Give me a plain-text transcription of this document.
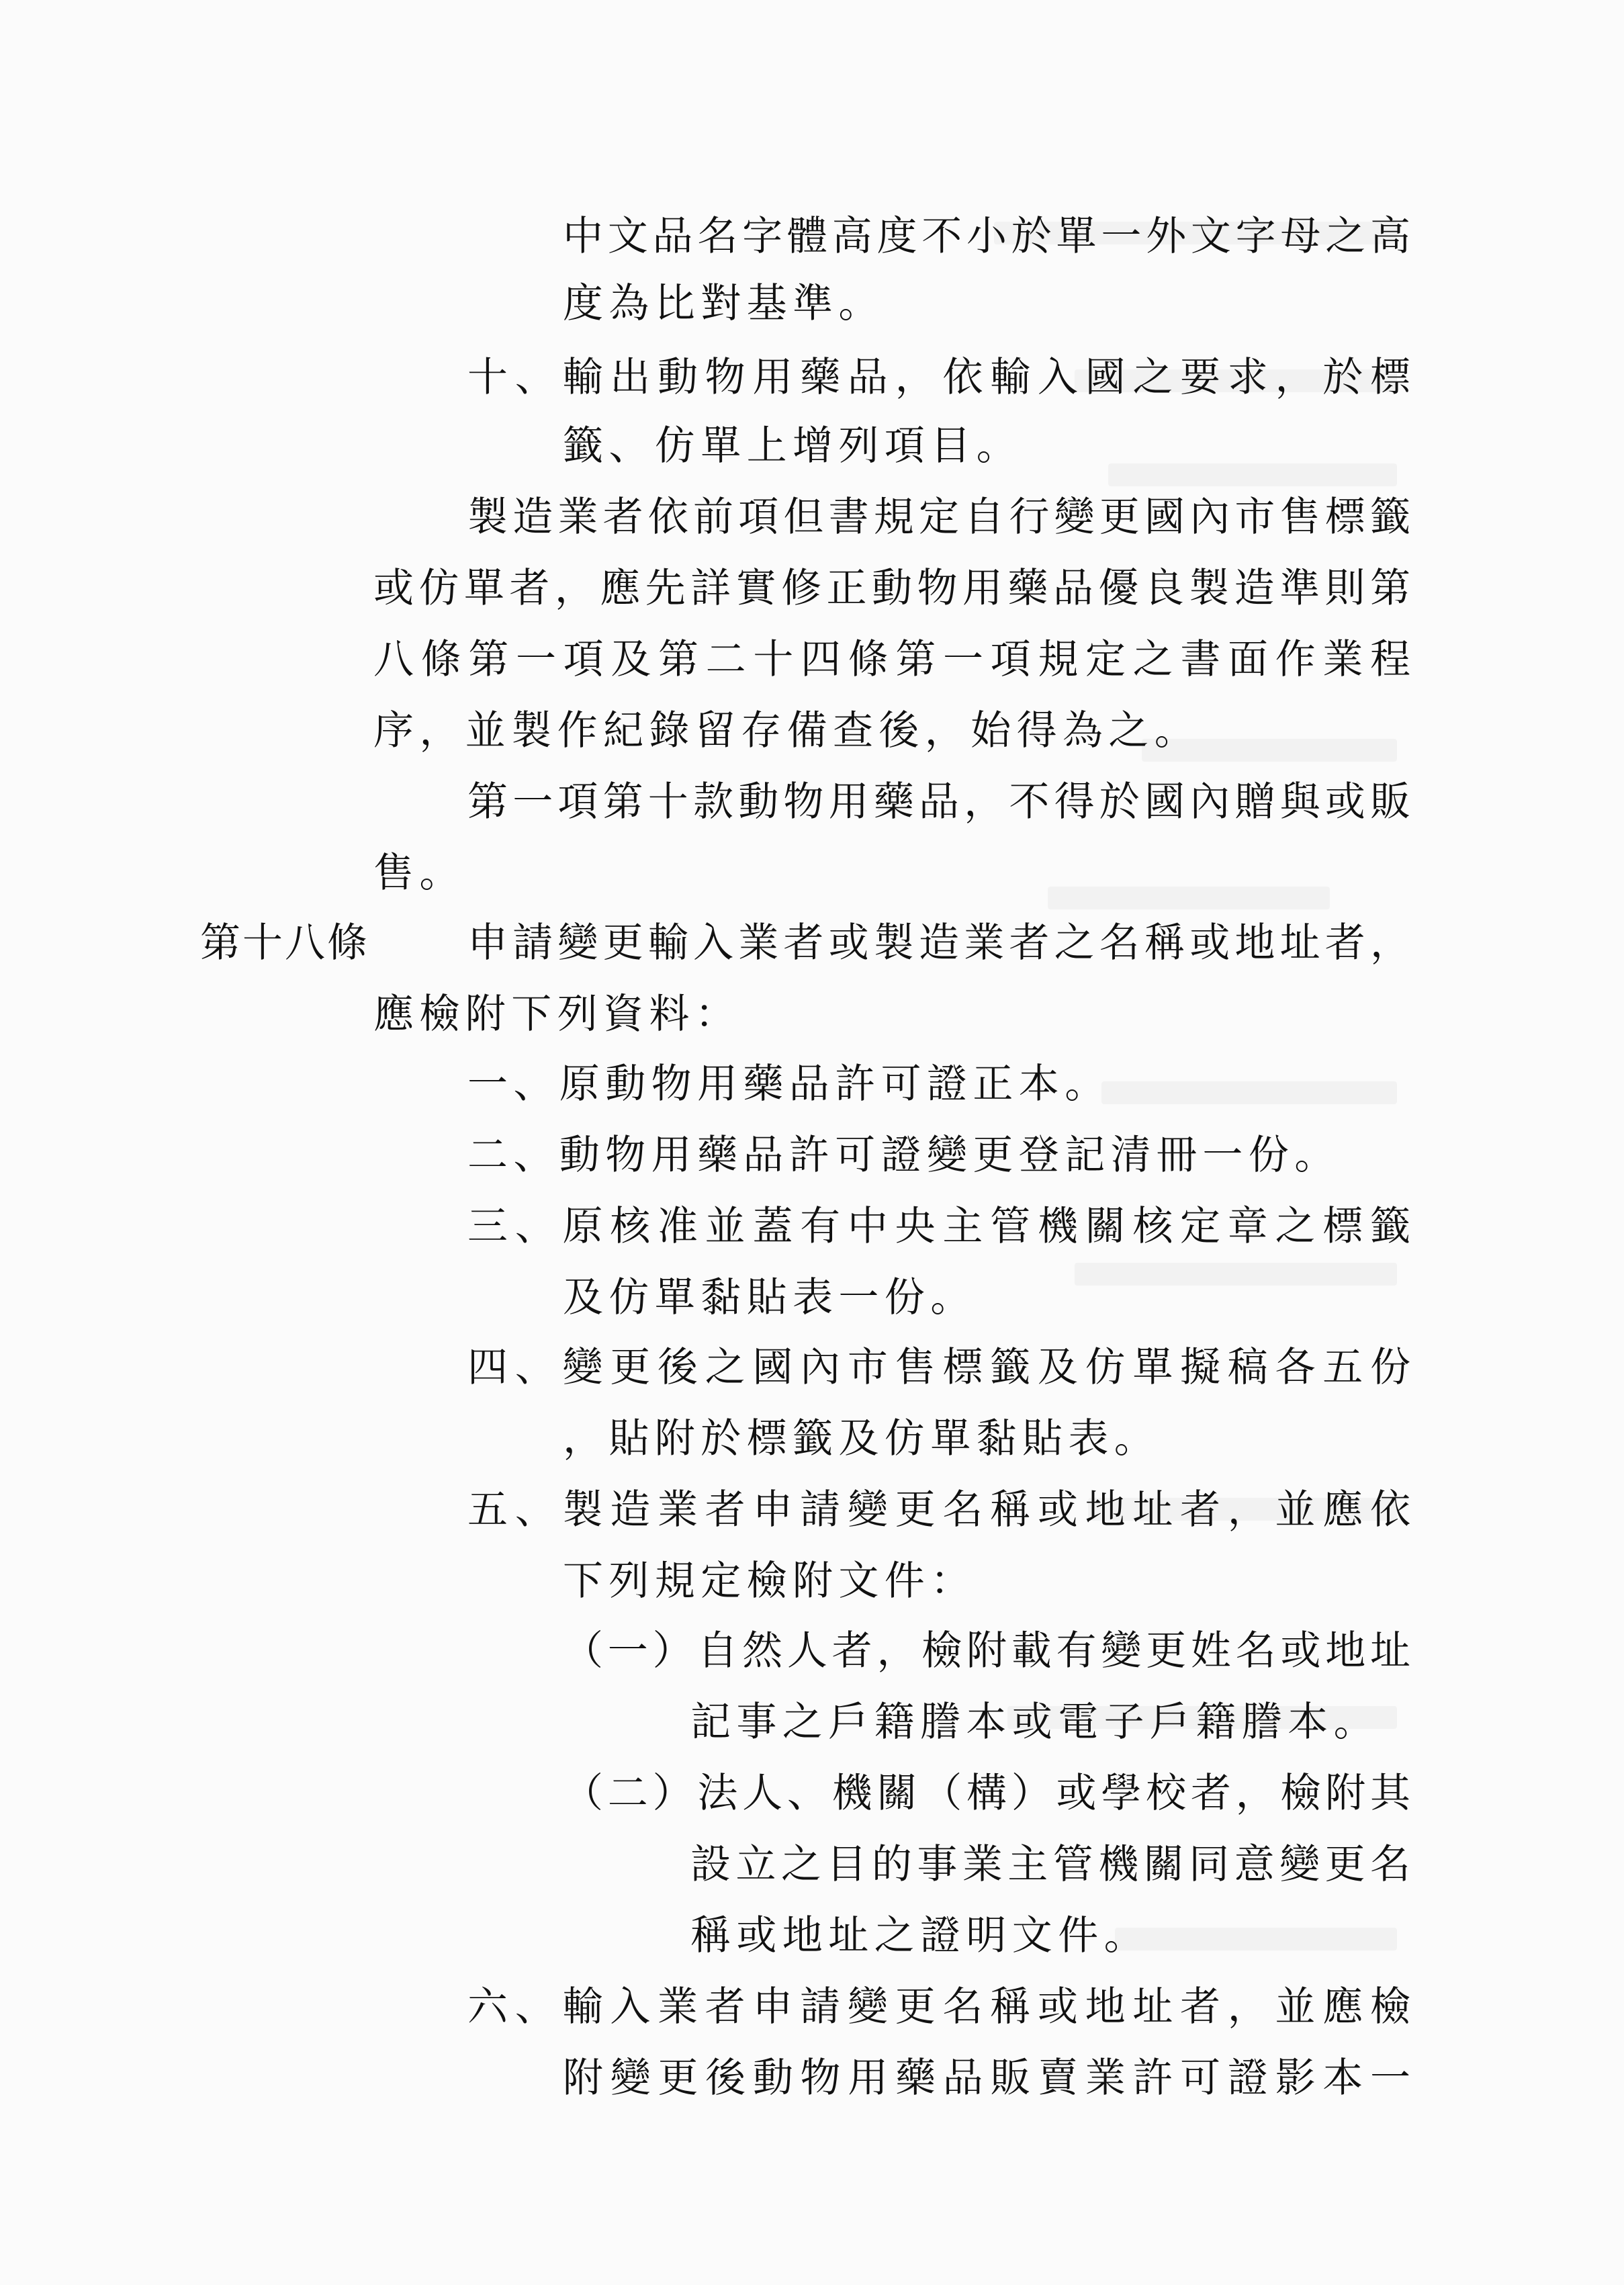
中文品名字體高度不小於單一外文字母之高
度為比對基準。
十、輸出動物用藥品，依輸入國之要求，於標
籤、仿單上增列項目。
製造業者依前項但書規定自行變更國內市售標籤
或仿單者，應先詳實修正動物用藥品優良製造準則第
八條第一項及第二十四條第一項規定之書面作業程
序，並製作紀錄留存備查後，始得為之。
第一項第十款動物用藥品，不得於國內贈與或販
售。
第十八條 申請變更輸入業者或製造業者之名稱或地址者，
應檢附下列資料：
一、原動物用藥品許可證正本。
二、動物用藥品許可證變更登記清冊一份。
三、原核准並蓋有中央主管機關核定章之標籤
及仿單黏貼表一份。
四、變更後之國內市售標籤及仿單擬稿各五份
，貼附於標籤及仿單黏貼表。
五、製造業者申請變更名稱或地址者，並應依
下列規定檢附文件：
（一）自然人者，檢附載有變更姓名或地址
記事之戶籍謄本或電子戶籍謄本。
（二）法人、機關（構）或學校者，檢附其
設立之目的事業主管機關同意變更名
稱或地址之證明文件。
六、輸入業者申請變更名稱或地址者，並應檢
附變更後動物用藥品販賣業許可證影本一
